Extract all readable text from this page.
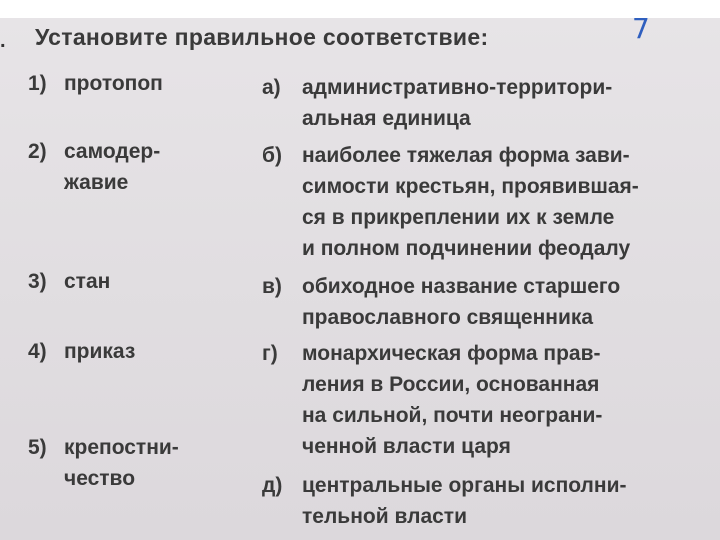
7
. Установите правильное соответствие:
1) протопоп
2) самодер-
жавие
3) стан
4) приказ
5) крепостни-
чество
а) административно-территори-
альная единица
б) наиболее тяжелая форма зави-
симости крестьян, проявившая-
ся в прикреплении их к земле
и полном подчинении феодалу
в) обиходное название старшего
православного священника
г) монархическая форма прав-
ления в России, основанная
на сильной, почти неограни-
ченной власти царя
д) центральные органы исполни-
тельной власти
